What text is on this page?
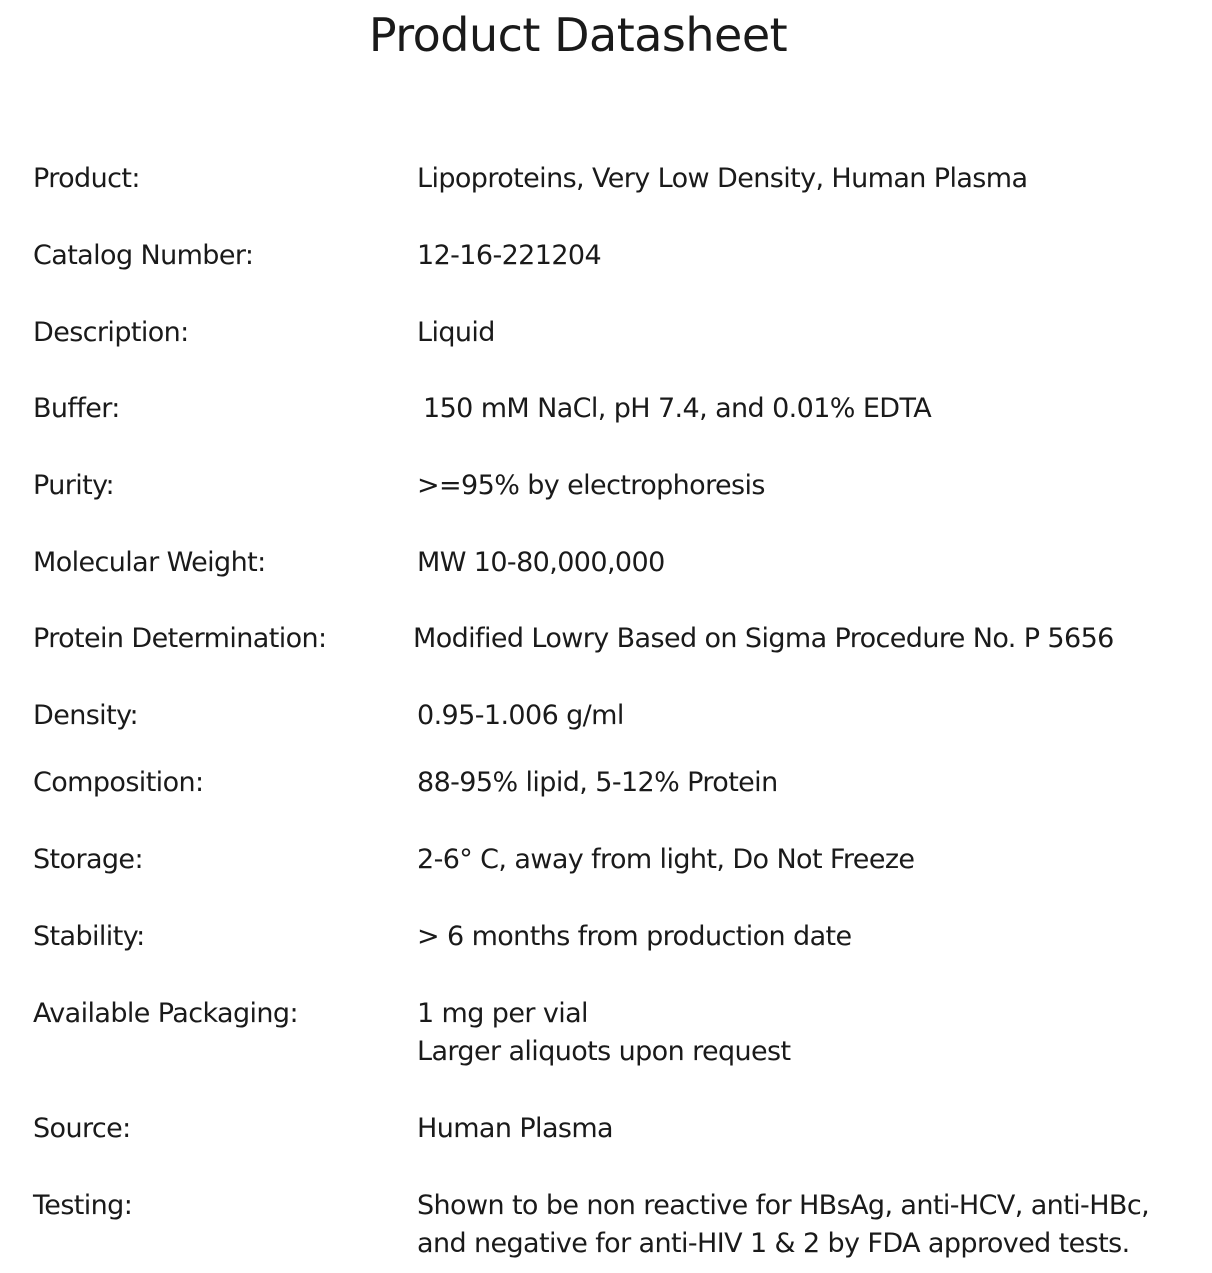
Product Datasheet
Product:	Lipoproteins, Very Low Density, Human Plasma
Catalog Number:	12-16-221204
Description:	Liquid
Buffer:	150 mM NaCl, pH 7.4, and 0.01% EDTA
Purity:	>=95% by electrophoresis
Molecular Weight:	MW 10-80,000,000
Protein Determination:	Modified Lowry Based on Sigma Procedure No. P 5656
Density:	0.95-1.006 g/ml
Composition:	88-95% lipid, 5-12% Protein
Storage:	2-6° C, away from light, Do Not Freeze
Stability:	> 6 months from production date
Available Packaging:	1 mg per vial
Larger aliquots upon request
Source:	Human Plasma
Testing:	Shown to be non reactive for HBsAg, anti-HCV, anti-HBc,
and negative for anti-HIV 1 & 2 by FDA approved tests.
